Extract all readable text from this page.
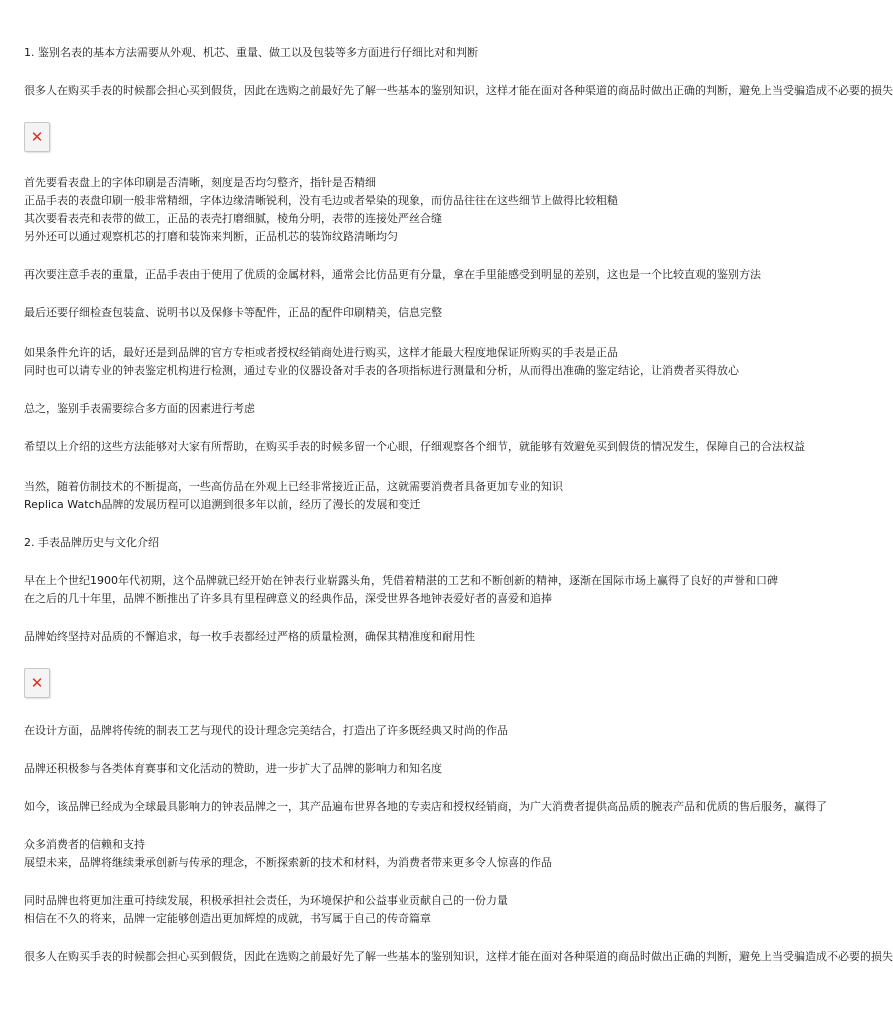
1. 鉴别名表的基本方法需要从外观、机芯、重量、做工以及包装等多方面进行仔细比对和判断
很多人在购买手表的时候都会担心买到假货，因此在选购之前最好先了解一些基本的鉴别知识，这样才能在面对各种渠道的商品时做出正确的判断，避免上当受骗造成不必要的损失
✕
首先要看表盘上的字体印刷是否清晰，刻度是否均匀整齐，指针是否精细
正品手表的表盘印刷一般非常精细，字体边缘清晰锐利，没有毛边或者晕染的现象，而仿品往往在这些细节上做得比较粗糙
其次要看表壳和表带的做工，正品的表壳打磨细腻，棱角分明，表带的连接处严丝合缝
另外还可以通过观察机芯的打磨和装饰来判断，正品机芯的装饰纹路清晰均匀
再次要注意手表的重量，正品手表由于使用了优质的金属材料，通常会比仿品更有分量，拿在手里能感受到明显的差别，这也是一个比较直观的鉴别方法
最后还要仔细检查包装盒、说明书以及保修卡等配件，正品的配件印刷精美，信息完整
如果条件允许的话，最好还是到品牌的官方专柜或者授权经销商处进行购买，这样才能最大程度地保证所购买的手表是正品
同时也可以请专业的钟表鉴定机构进行检测，通过专业的仪器设备对手表的各项指标进行测量和分析，从而得出准确的鉴定结论，让消费者买得放心
总之，鉴别手表需要综合多方面的因素进行考虑
希望以上介绍的这些方法能够对大家有所帮助，在购买手表的时候多留一个心眼，仔细观察各个细节，就能够有效避免买到假货的情况发生，保障自己的合法权益
当然，随着仿制技术的不断提高，一些高仿品在外观上已经非常接近正品，这就需要消费者具备更加专业的知识
Replica Watch品牌的发展历程可以追溯到很多年以前，经历了漫长的发展和变迁
2. 手表品牌历史与文化介绍
早在上个世纪1900年代初期，这个品牌就已经开始在钟表行业崭露头角，凭借着精湛的工艺和不断创新的精神，逐渐在国际市场上赢得了良好的声誉和口碑
在之后的几十年里，品牌不断推出了许多具有里程碑意义的经典作品，深受世界各地钟表爱好者的喜爱和追捧
品牌始终坚持对品质的不懈追求，每一枚手表都经过严格的质量检测，确保其精准度和耐用性
✕
在设计方面，品牌将传统的制表工艺与现代的设计理念完美结合，打造出了许多既经典又时尚的作品
品牌还积极参与各类体育赛事和文化活动的赞助，进一步扩大了品牌的影响力和知名度
如今，该品牌已经成为全球最具影响力的钟表品牌之一，其产品遍布世界各地的专卖店和授权经销商，为广大消费者提供高品质的腕表产品和优质的售后服务，赢得了
众多消费者的信赖和支持
展望未来，品牌将继续秉承创新与传承的理念，不断探索新的技术和材料，为消费者带来更多令人惊喜的作品
同时品牌也将更加注重可持续发展，积极承担社会责任，为环境保护和公益事业贡献自己的一份力量
相信在不久的将来，品牌一定能够创造出更加辉煌的成就，书写属于自己的传奇篇章
很多人在购买手表的时候都会担心买到假货，因此在选购之前最好先了解一些基本的鉴别知识，这样才能在面对各种渠道的商品时做出正确的判断，避免上当受骗造成不必要的损失
